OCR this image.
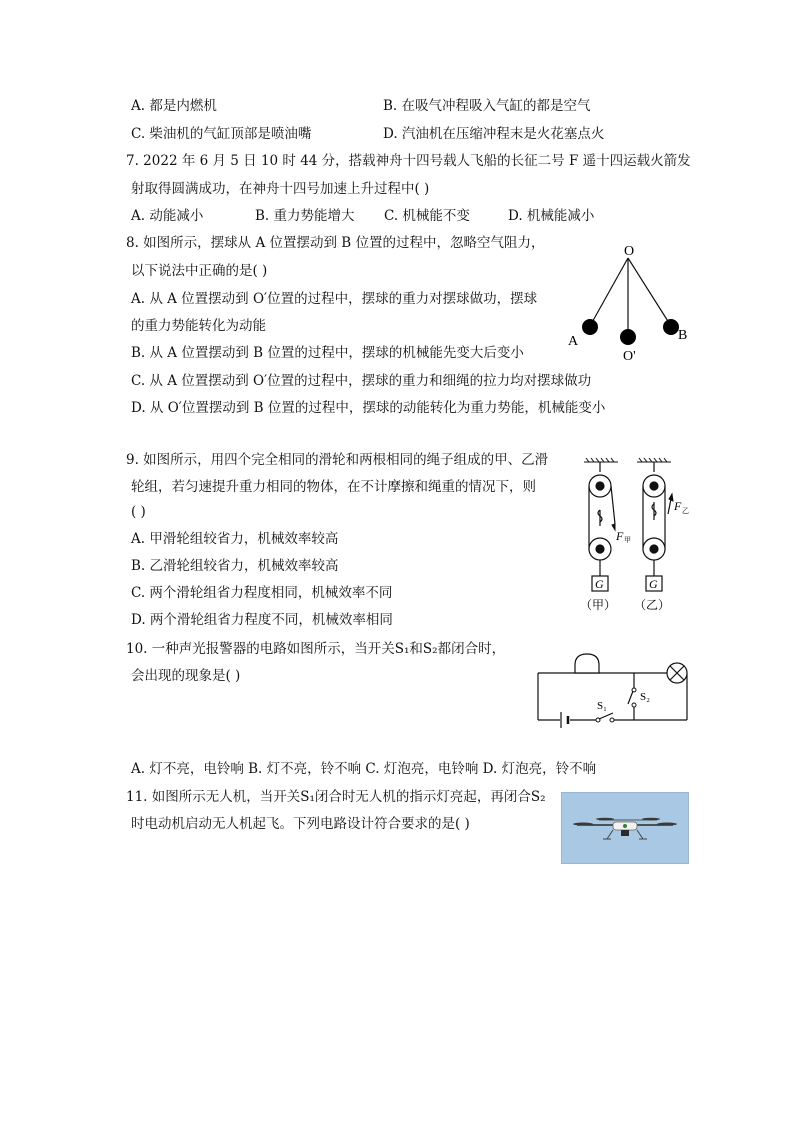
A. 都是内燃机	B. 在吸气冲程吸入气缸的都是空气
C. 柴油机的气缸顶部是喷油嘴	D. 汽油机在压缩冲程末是火花塞点火
7. 2022 年 6 月 5 日 10 时 44 分，搭载神舟十四号载人飞船的长征二号 F 遥十四运载火箭发
射取得圆满成功，在神舟十四号加速上升过程中( )
A. 动能减小	B. 重力势能增大 C. 机械能不变	D. 机械能减小
8. 如图所示，摆球从 A 位置摆动到 B 位置的过程中，忽略空气阻力，
以下说法中正确的是( )
A. 从 A 位置摆动到 O′位置的过程中，摆球的重力对摆球做功，摆球
的重力势能转化为动能
B. 从 A 位置摆动到 B 位置的过程中，摆球的机械能先变大后变小
C. 从 A 位置摆动到 O′位置的过程中，摆球的重力和细绳的拉力均对摆球做功
D. 从 O′位置摆动到 B 位置的过程中，摆球的动能转化为重力势能，机械能变小
O
A	B
O'
9. 如图所示，用四个完全相同的滑轮和两根相同的绳子组成的甲、乙滑
轮组，若匀速提升重力相同的物体，在不计摩擦和绳重的情况下，则
( )
A. 甲滑轮组较省力，机械效率较高
B. 乙滑轮组较省力，机械效率较高
C. 两个滑轮组省力程度相同，机械效率不同
D. 两个滑轮组省力程度不同，机械效率相同
F 甲
G
（甲）
F 乙
G
（乙）
10. 一种声光报警器的电路如图所示，当开关S₁和S₂都闭合时，
会出现的现象是( )
A. 灯不亮，电铃响 B. 灯不亮，铃不响 C. 灯泡亮，电铃响 D. 灯泡亮，铃不响
S₁
S₂
11. 如图所示无人机，当开关S₁闭合时无人机的指示灯亮起，再闭合S₂
时电动机启动无人机起飞。下列电路设计符合要求的是( )
